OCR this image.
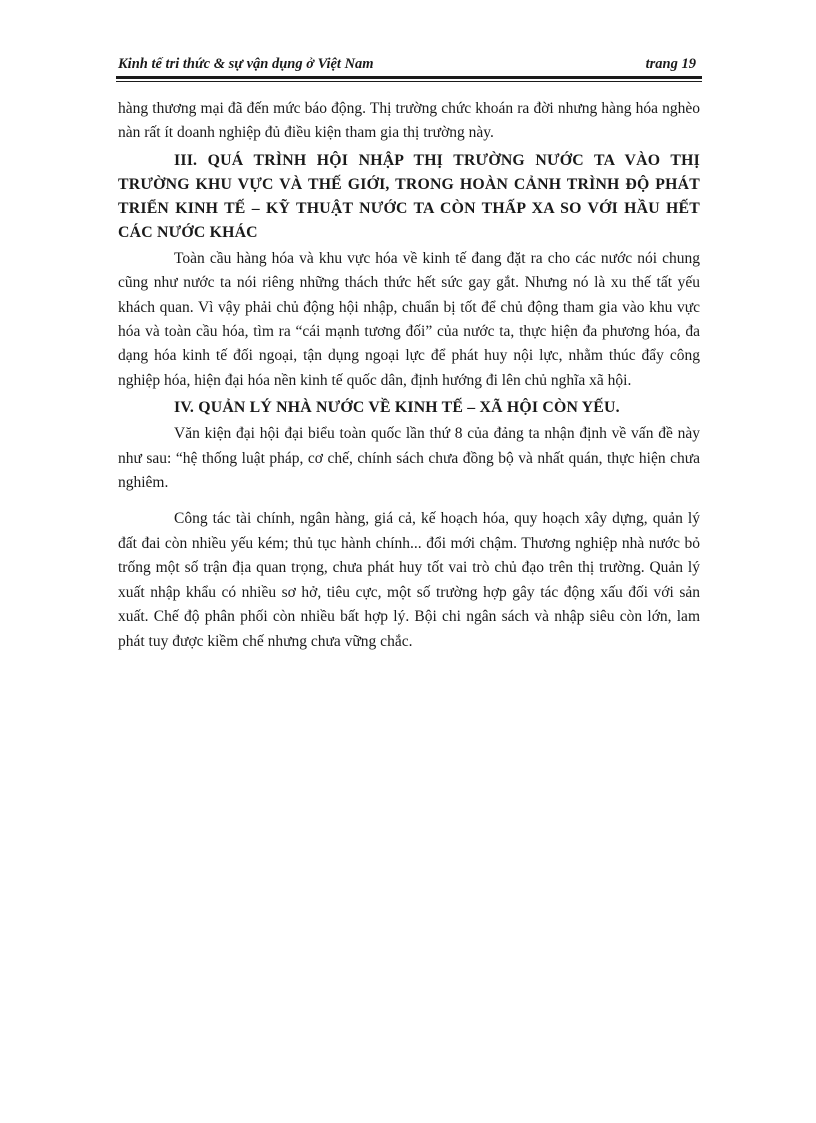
Kinh tế tri thức & sự vận dụng ở Việt Nam	trang 19

hàng thương mại đã đến mức báo động. Thị trường chức khoán ra đời nhưng hàng hóa nghèo nàn rất ít doanh nghiệp đủ điều kiện tham gia thị trường này.

III. QUÁ TRÌNH HỘI NHẬP THỊ TRƯỜNG NƯỚC TA VÀO THỊ TRƯỜNG KHU VỰC VÀ THẾ GIỚI, TRONG HOÀN CẢNH TRÌNH ĐỘ PHÁT TRIỂN KINH TẾ – KỸ THUẬT NƯỚC TA CÒN THẤP XA SO VỚI HẦU HẾT CÁC NƯỚC KHÁC

Toàn cầu hàng hóa và khu vực hóa về kinh tế đang đặt ra cho các nước nói chung cũng như nước ta nói riêng những thách thức hết sức gay gắt. Nhưng nó là xu thế tất yếu khách quan. Vì vậy phải chủ động hội nhập, chuẩn bị tốt để chủ động tham gia vào khu vực hóa và toàn cầu hóa, tìm ra “cái mạnh tương đối” của nước ta, thực hiện đa phương hóa, đa dạng hóa kinh tế đối ngoại, tận dụng ngoại lực để phát huy nội lực, nhằm thúc đẩy công nghiệp hóa, hiện đại hóa nền kinh tế quốc dân, định hướng đi lên chủ nghĩa xã hội.

IV. QUẢN LÝ NHÀ NƯỚC VỀ KINH TẾ – XÃ HỘI CÒN YẾU.

Văn kiện đại hội đại biểu toàn quốc lần thứ 8 của đảng ta nhận định về vấn đề này như sau: “hệ thống luật pháp, cơ chế, chính sách chưa đồng bộ và nhất quán, thực hiện chưa nghiêm.

Công tác tài chính, ngân hàng, giá cả, kế hoạch hóa, quy hoạch xây dựng, quản lý đất đai còn nhiều yếu kém; thủ tục hành chính... đổi mới chậm. Thương nghiệp nhà nước bỏ trống một số trận địa quan trọng, chưa phát huy tốt vai trò chủ đạo trên thị trường. Quản lý xuất nhập khẩu có nhiều sơ hở, tiêu cực, một số trường hợp gây tác động xấu đối với sản xuất. Chế độ phân phối còn nhiều bất hợp lý. Bội chi ngân sách và nhập siêu còn lớn, lam phát tuy được kiềm chế nhưng chưa vững chắc.
